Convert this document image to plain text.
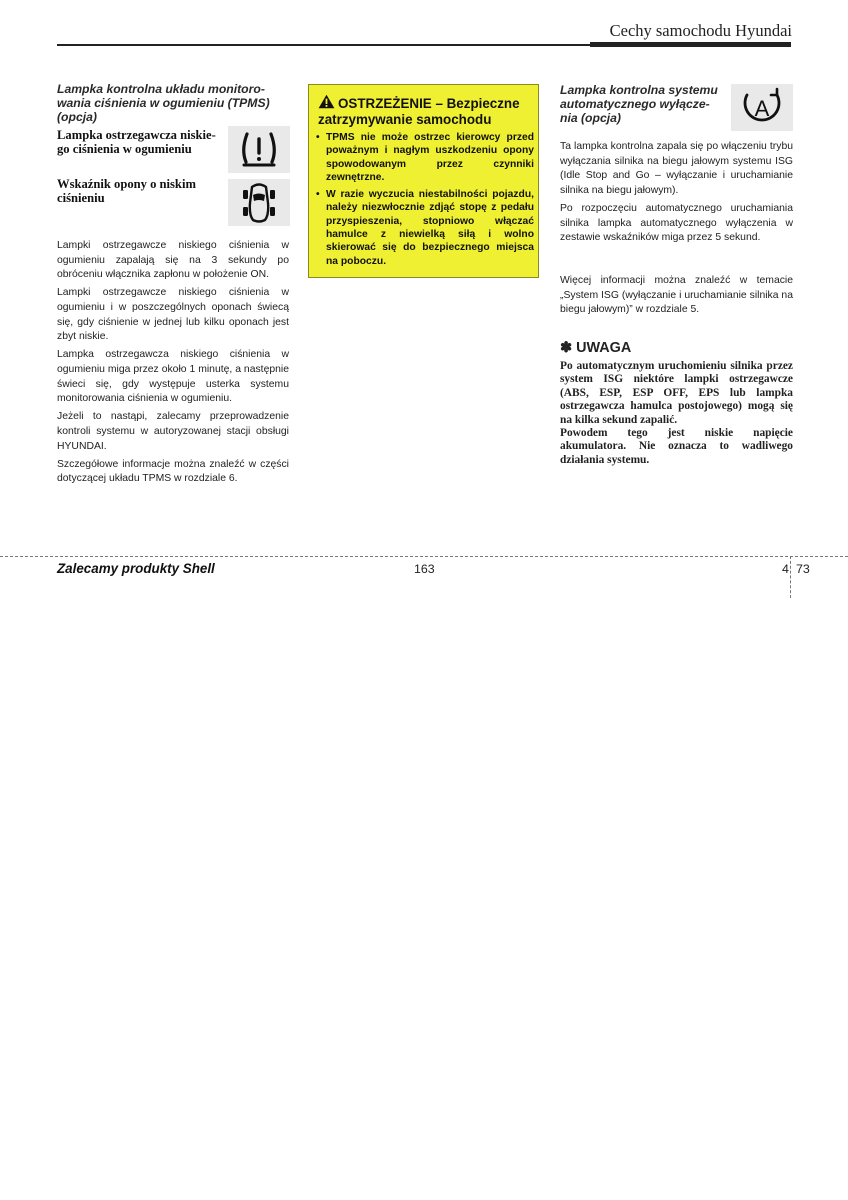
Cechy samochodu Hyundai
Lampka kontrolna układu monitoro-wania ciśnienia w ogumieniu (TPMS) (opcja)
Lampka ostrzegawcza niskie-go ciśnienia w ogumieniu
Wskaźnik opony o niskim ciśnieniu

Lampki ostrzegawcze niskiego ciśnienia w ogumieniu zapalają się na 3 sekundy po obróceniu włącznika zapłonu w położenie ON.

Lampki ostrzegawcze niskiego ciśnienia w ogumieniu i w poszczególnych oponach świecą się, gdy ciśnienie w jednej lub kilku oponach jest zbyt niskie.

Lampka ostrzegawcza niskiego ciśnienia w ogumieniu miga przez około 1 minutę, a następnie świeci się, gdy występuje usterka systemu monitorowania ciśnienia w ogumieniu.

Jeżeli to nastąpi, zalecamy przeprowadzenie kontroli systemu w autoryzowanej stacji obsługi HYUNDAI.

Szczegółowe informacje można znaleźć w części dotyczącej układu TPMS w rozdziale 6.

OSTRZEŻENIE – Bezpieczne zatrzymywanie samochodu
• TPMS nie może ostrzec kierowcy przed poważnym i nagłym uszkodzeniu opony spowodowanym przez czynniki zewnętrzne.
• W razie wyczucia niestabilności pojazdu, należy niezwłocznie zdjąć stopę z pedału przyspieszenia, stopniowo włączać hamulce z niewielką siłą i wolno skierować się do bezpiecznego miejsca na poboczu.
Lampka kontrolna systemu automatycznego wyłącze-nia (opcja)	A

Ta lampka kontrolna zapala się po włączeniu trybu wyłączania silnika na biegu jałowym systemu ISG (Idle Stop and Go – wyłączanie i uruchamianie silnika na biegu jałowym).

Po rozpoczęciu automatycznego uruchamiania silnika lampka automatycznego wyłączenia w zestawie wskaźników miga przez 5 sekund.

Więcej informacji można znaleźć w temacie „System ISG (wyłączanie i uruchamianie silnika na biegu jałowym)” w rozdziale 5.

✽ UWAGA
Po automatycznym uruchomieniu silnika przez system ISG niektóre lampki ostrzegawcze (ABS, ESP, ESP OFF, EPS lub lampka ostrzegawcza hamulca postojowego) mogą się na kilka sekund zapalić.
Powodem tego jest niskie napięcie akumulatora. Nie oznacza to wadliwego działania systemu.
Zalecamy produkty Shell	163	4 73
